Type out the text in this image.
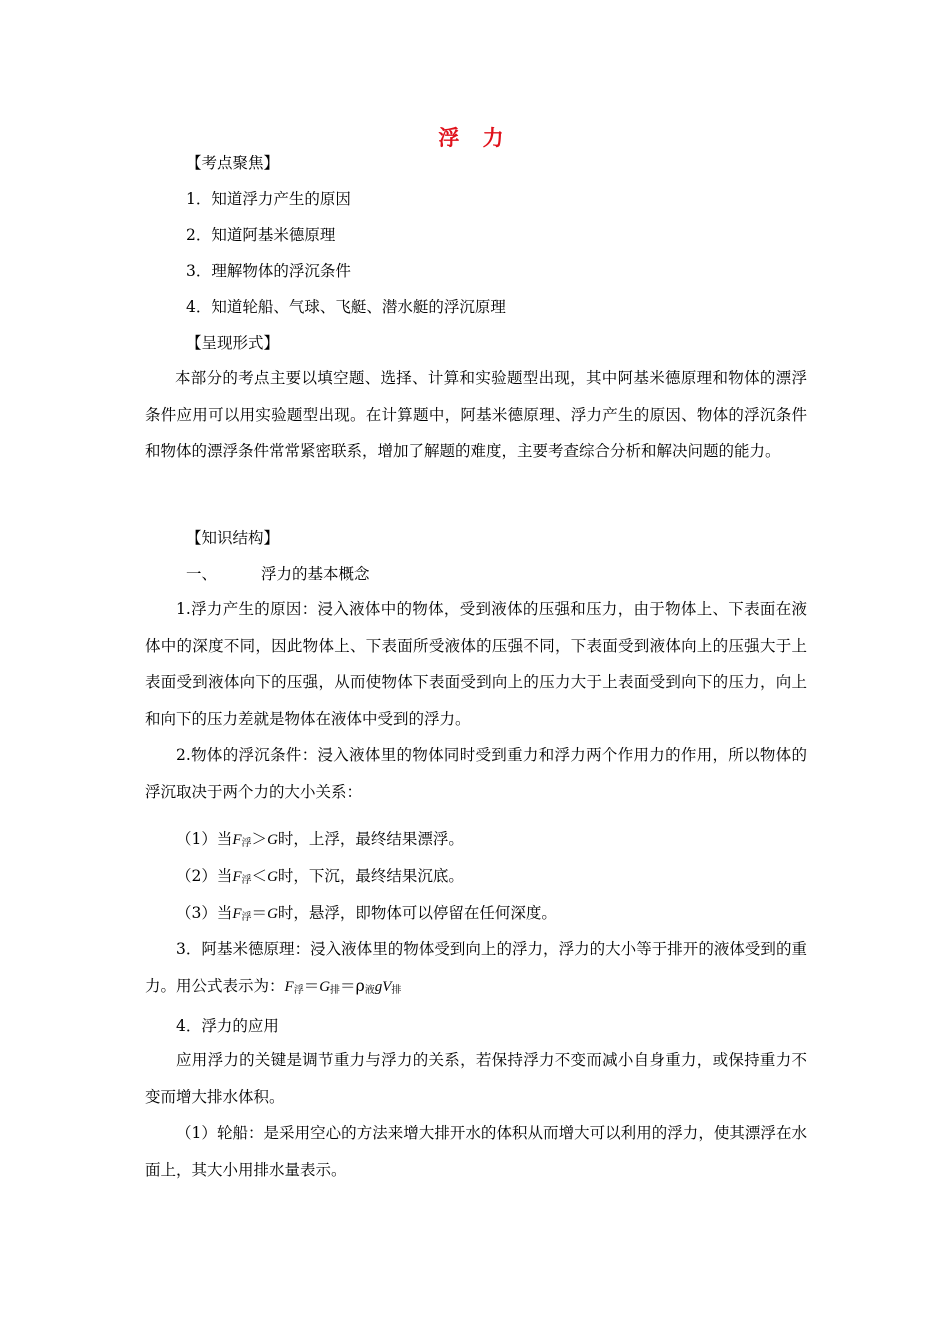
浮 力
【考点聚焦】
1．知道浮力产生的原因
2．知道阿基米德原理
3．理解物体的浮沉条件
4．知道轮船、气球、飞艇、潜水艇的浮沉原理
【呈现形式】
本部分的考点主要以填空题、选择、计算和实验题型出现，其中阿基米德原理和物体的漂浮条件应用可以用实验题型出现。在计算题中，阿基米德原理、浮力产生的原因、物体的浮沉条件和物体的漂浮条件常常紧密联系，增加了解题的难度，主要考查综合分析和解决问题的能力。
【知识结构】
一、	浮力的基本概念
1.浮力产生的原因：浸入液体中的物体，受到液体的压强和压力，由于物体上、下表面在液体中的深度不同，因此物体上、下表面所受液体的压强不同，下表面受到液体向上的压强大于上表面受到液体向下的压强，从而使物体下表面受到向上的压力大于上表面受到向下的压力，向上和向下的压力差就是物体在液体中受到的浮力。
2.物体的浮沉条件：浸入液体里的物体同时受到重力和浮力两个作用力的作用，所以物体的浮沉取决于两个力的大小关系：
（1）当$F_浮>G$时，上浮，最终结果漂浮。
（2）当$F_浮<G$时，下沉，最终结果沉底。
（3）当$F_浮=G$时，悬浮，即物体可以停留在任何深度。
3．阿基米德原理：浸入液体里的物体受到向上的浮力，浮力的大小等于排开的液体受到的重力。用公式表示为：$F_浮=G_排=\rho_液gV_排$
4．浮力的应用
应用浮力的关键是调节重力与浮力的关系，若保持浮力不变而减小自身重力，或保持重力不变而增大排水体积。
（1）轮船：是采用空心的方法来增大排开水的体积从而增大可以利用的浮力，使其漂浮在水面上，其大小用排水量表示。
